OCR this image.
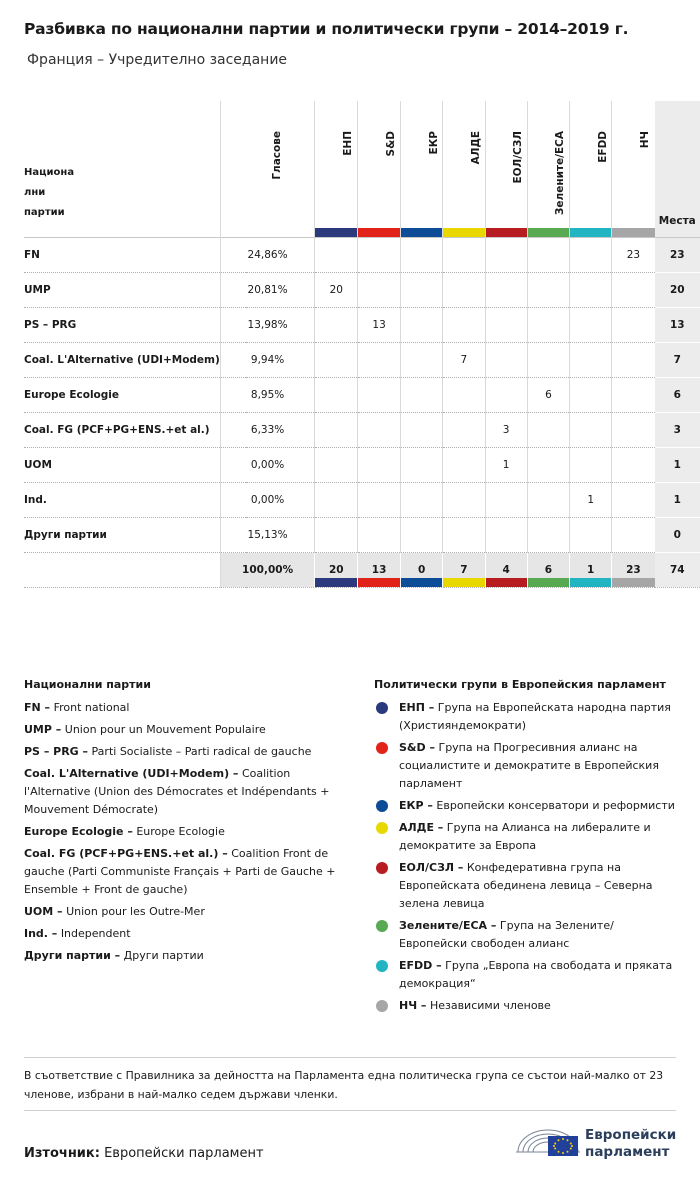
Разбивка по национални партии и политически групи – 2014–2019 г.
Франция – Учредително заседание
Национа
лни
партии	Гласове	ЕНП	S&D	ЕКР	АЛДЕ	ЕОЛ/СЗЛ	Зелените/ЕСА	EFDD	НЧ	Места
FN	24,86%								23	23
UMP	20,81%	20								20
PS – PRG	13,98%		13							13
Coal. L'Alternative (UDI+Modem)	9,94%				7					7
Europe Ecologie	8,95%						6			6
Coal. FG (PCF+PG+ENS.+et al.)	6,33%					3				3
UOM	0,00%					1				1
Ind.	0,00%							1		1
Други партии	15,13%									0
	100,00%	20	13	0	7	4	6	1	23	74
Национални партии
FN – Front national
UMP – Union pour un Mouvement Populaire
PS – PRG – Parti Socialiste – Parti radical de gauche
Coal. L'Alternative (UDI+Modem) – Coalition l'Alternative (Union des Démocrates et Indépendants + Mouvement Démocrate)
Europe Ecologie – Europe Ecologie
Coal. FG (PCF+PG+ENS.+et al.) – Coalition Front de gauche (Parti Communiste Français + Parti de Gauche + Ensemble + Front de gauche)
UOM – Union pour les Outre-Mer
Ind. – Independent
Други партии – Други партии
Политически групи в Европейския парламент
ЕНП – Група на Европейската народна партия (Християндемократи)
S&D – Група на Прогресивния алианс на социалистите и демократите в Европейския парламент
ЕКР – Европейски консерватори и реформисти
АЛДЕ – Група на Алианса на либералите и демократите за Европа
ЕОЛ/СЗЛ – Конфедеративна група на Европейската обединена левица – Северна зелена левица
Зелените/ЕСА – Група на Зелените/ Европейски свободен алианс
EFDD – Група „Европа на свободата и пряката демокрация“
НЧ – Независими членове
В съответствие с Правилника за дейността на Парламента една политическа група се състои най-малко от 23 членове, избрани в най-малко седем държави членки.
Източник: Европейски парламент
Европейски
парламент
